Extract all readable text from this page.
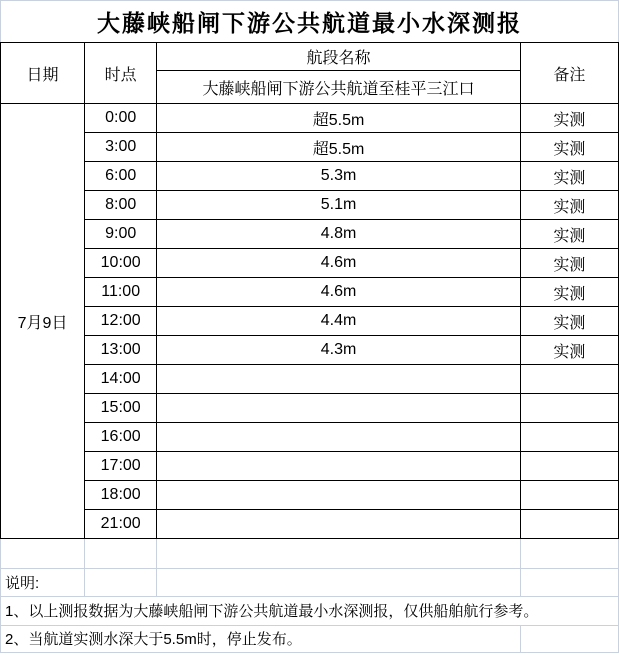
大藤峡船闸下游公共航道最小水深测报
日期	时点	航段名称	备注
		大藤峡船闸下游公共航道至桂平三江口	
7月9日	0:00	超5.5m	实测
	3:00	超5.5m	实测
	6:00	5.3m	实测
	8:00	5.1m	实测
	9:00	4.8m	实测
	10:00	4.6m	实测
	11:00	4.6m	实测
	12:00	4.4m	实测
	13:00	4.3m	实测
	14:00		
	15:00		
	16:00		
	17:00		
	18:00		
	21:00		

说明:			
1、以上测报数据为大藤峡船闸下游公共航道最小水深测报，仅供船舶航行参考。			
2、当航道实测水深大于5.5m时，停止发布。			
